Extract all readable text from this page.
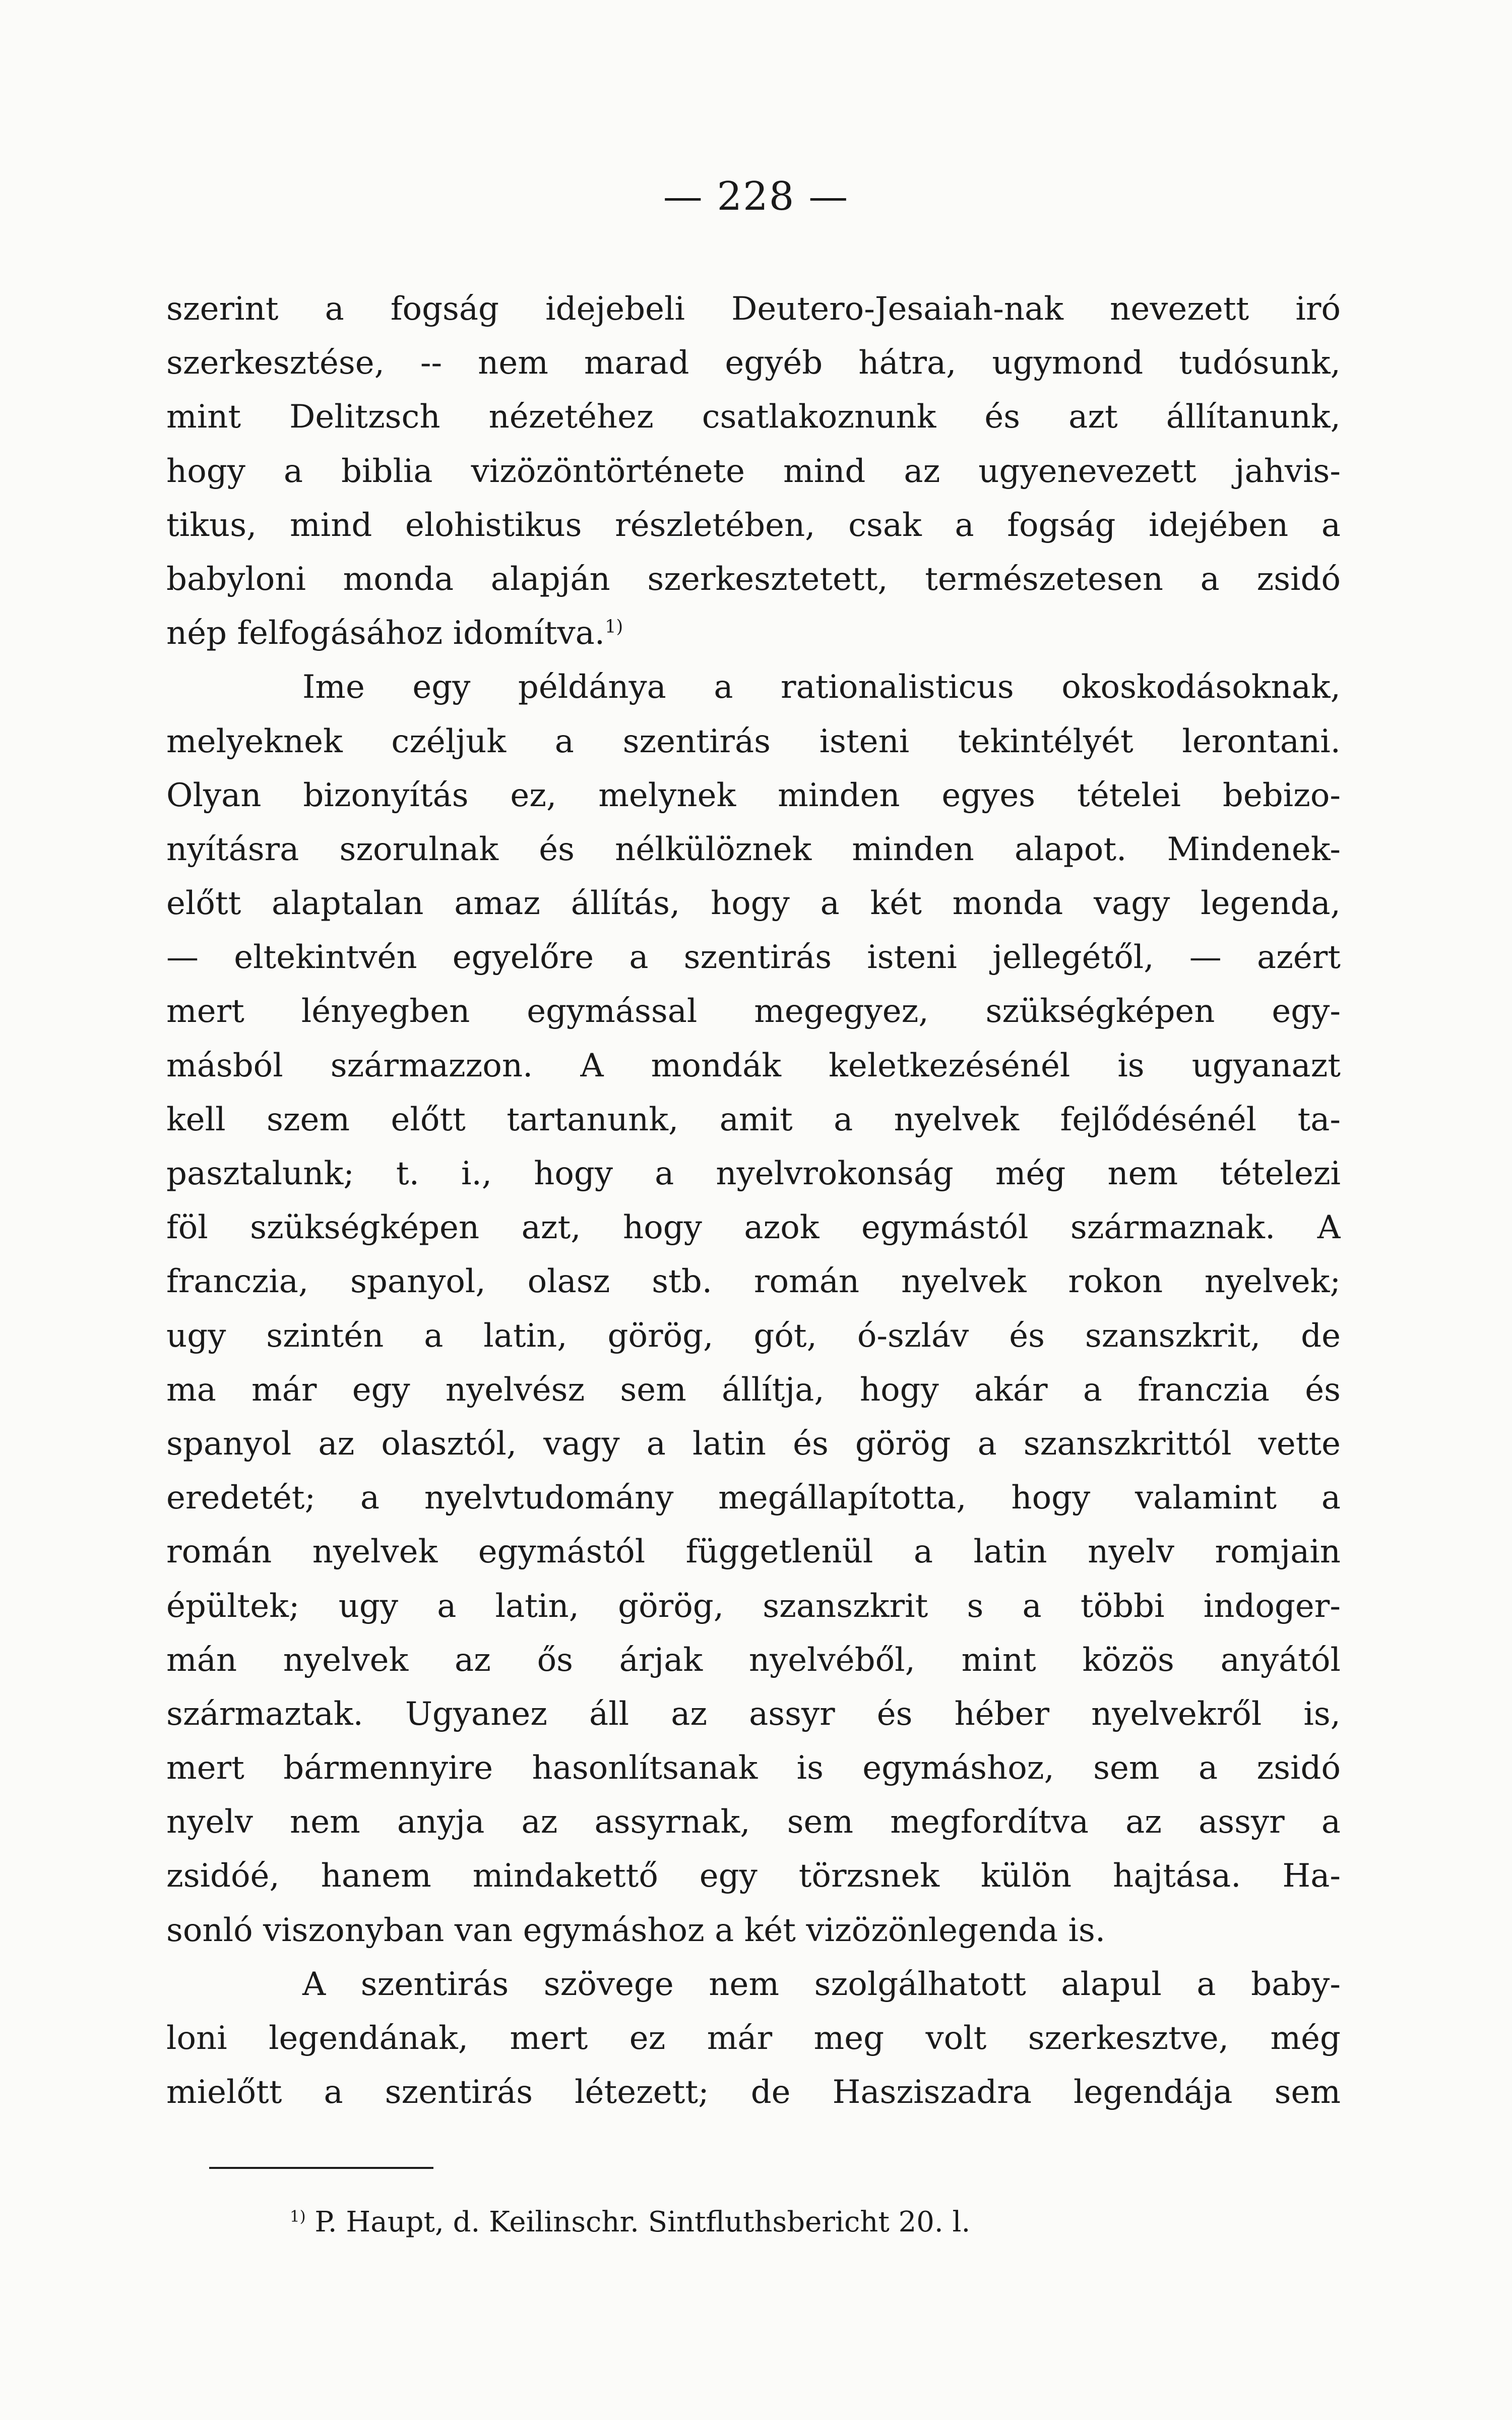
— 228 —
szerint a fogság idejebeli Deutero-Jesaiah-nak nevezett iró
szerkesztése, -- nem marad egyéb hátra, ugymond tudósunk,
mint Delitzsch nézetéhez csatlakoznunk és azt állítanunk,
hogy a biblia vizözöntörténete mind az ugyenevezett jahvis-
tikus, mind elohistikus részletében, csak a fogság idejében a
babyloni monda alapján szerkesztetett, természetesen a zsidó
nép felfogásához idomítva.$^{1)}$
Ime egy példánya a rationalisticus okoskodásoknak,
melyeknek czéljuk a szentirás isteni tekintélyét lerontani.
Olyan bizonyítás ez, melynek minden egyes tételei bebizo-
nyításra szorulnak és nélkülöznek minden alapot. Mindenek-
előtt alaptalan amaz állítás, hogy a két monda vagy legenda,
— eltekintvén egyelőre a szentirás isteni jellegétől, — azért
mert lényegben egymással megegyez, szükségképen egy-
másból származzon. A mondák keletkezésénél is ugyanazt
kell szem előtt tartanunk, amit a nyelvek fejlődésénél ta-
pasztalunk; t. i., hogy a nyelvrokonság még nem tételezi
föl szükségképen azt, hogy azok egymástól származnak. A
franczia, spanyol, olasz stb. román nyelvek rokon nyelvek;
ugy szintén a latin, görög, gót, ó-szláv és szanszkrit, de
ma már egy nyelvész sem állítja, hogy akár a franczia és
spanyol az olasztól, vagy a latin és görög a szanszkrittól vette
eredetét; a nyelvtudomány megállapította, hogy valamint a
román nyelvek egymástól függetlenül a latin nyelv romjain
épültek; ugy a latin, görög, szanszkrit s a többi indoger-
mán nyelvek az ős árjak nyelvéből, mint közös anyától
származtak. Ugyanez áll az assyr és héber nyelvekről is,
mert bármennyire hasonlítsanak is egymáshoz, sem a zsidó
nyelv nem anyja az assyrnak, sem megfordítva az assyr a
zsidóé, hanem mindakettő egy törzsnek külön hajtása. Ha-
sonló viszonyban van egymáshoz a két vizözönlegenda is.
A szentirás szövege nem szolgálhatott alapul a baby-
loni legendának, mert ez már meg volt szerkesztve, még
mielőtt a szentirás létezett; de Hasziszadra legendája sem
$^{1)}$ P. Haupt, d. Keilinschr. Sintfluthsbericht 20. l.
